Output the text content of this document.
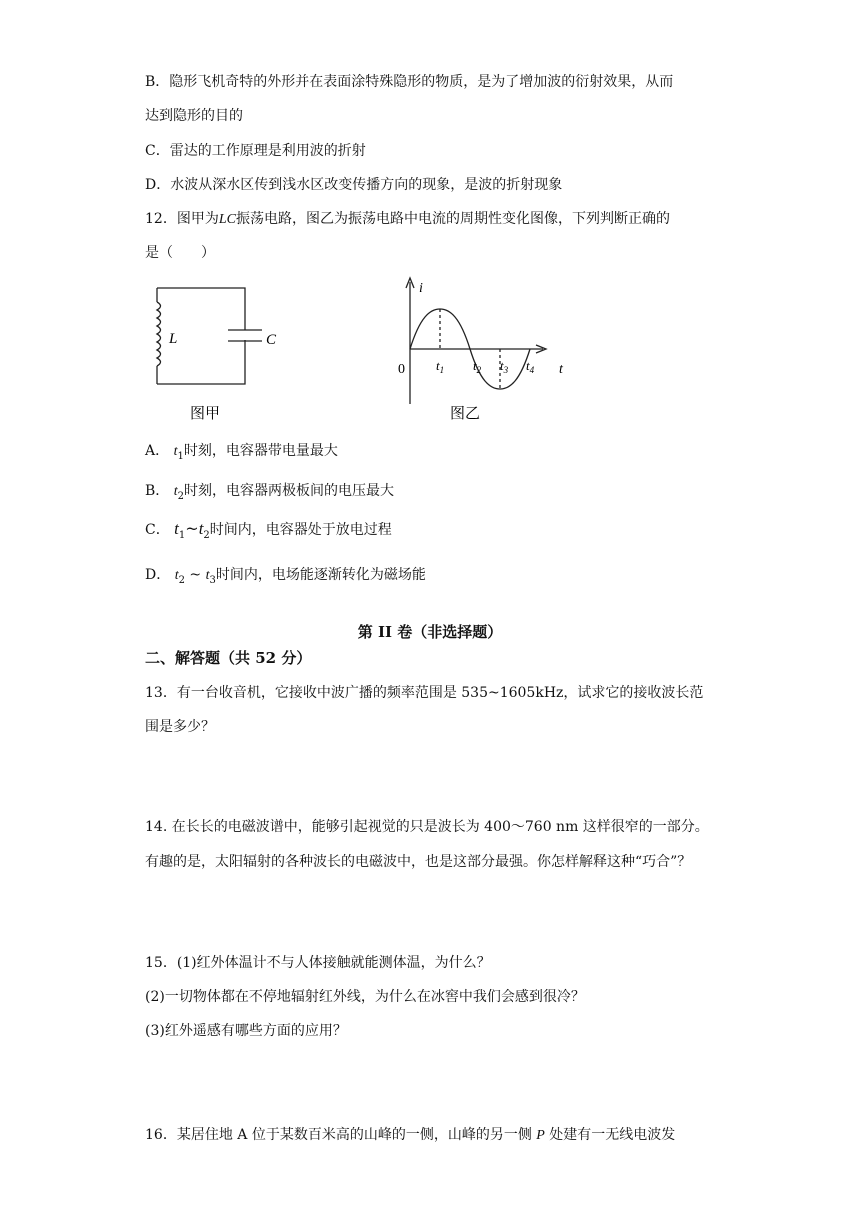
B．隐形飞机奇特的外形并在表面涂特殊隐形的物质，是为了增加波的衍射效果，从而
达到隐形的目的
C．雷达的工作原理是利用波的折射
D．水波从深水区传到浅水区改变传播方向的现象，是波的折射现象
12．图甲为LC振荡电路，图乙为振荡电路中电流的周期性变化图像，下列判断正确的
是（　　）
L	C
图甲
i
t
0 $t_1$ $t_2$ $t_3$ $t_4$
图乙
A． $t_1$时刻，电容器带电量最大
B． $t_2$时刻，电容器两极板间的电压最大
C． $t_1\sim t_2$时间内，电容器处于放电过程
D． $t_2$ ~ $t_3$时间内，电场能逐渐转化为磁场能
第 II 卷（非选择题）
二、解答题（共 52 分）
13．有一台收音机，它接收中波广播的频率范围是 535~1605kHz，试求它的接收波长范
围是多少？
14. 在长长的电磁波谱中，能够引起视觉的只是波长为 400～760 nm 这样很窄的一部分。
有趣的是，太阳辐射的各种波长的电磁波中，也是这部分最强。你怎样解释这种“巧合”？
15．(1)红外体温计不与人体接触就能测体温，为什么？
(2)一切物体都在不停地辐射红外线，为什么在冰窖中我们会感到很冷？
(3)红外遥感有哪些方面的应用？
16．某居住地 A 位于某数百米高的山峰的一侧，山峰的另一侧 P 处建有一无线电波发
